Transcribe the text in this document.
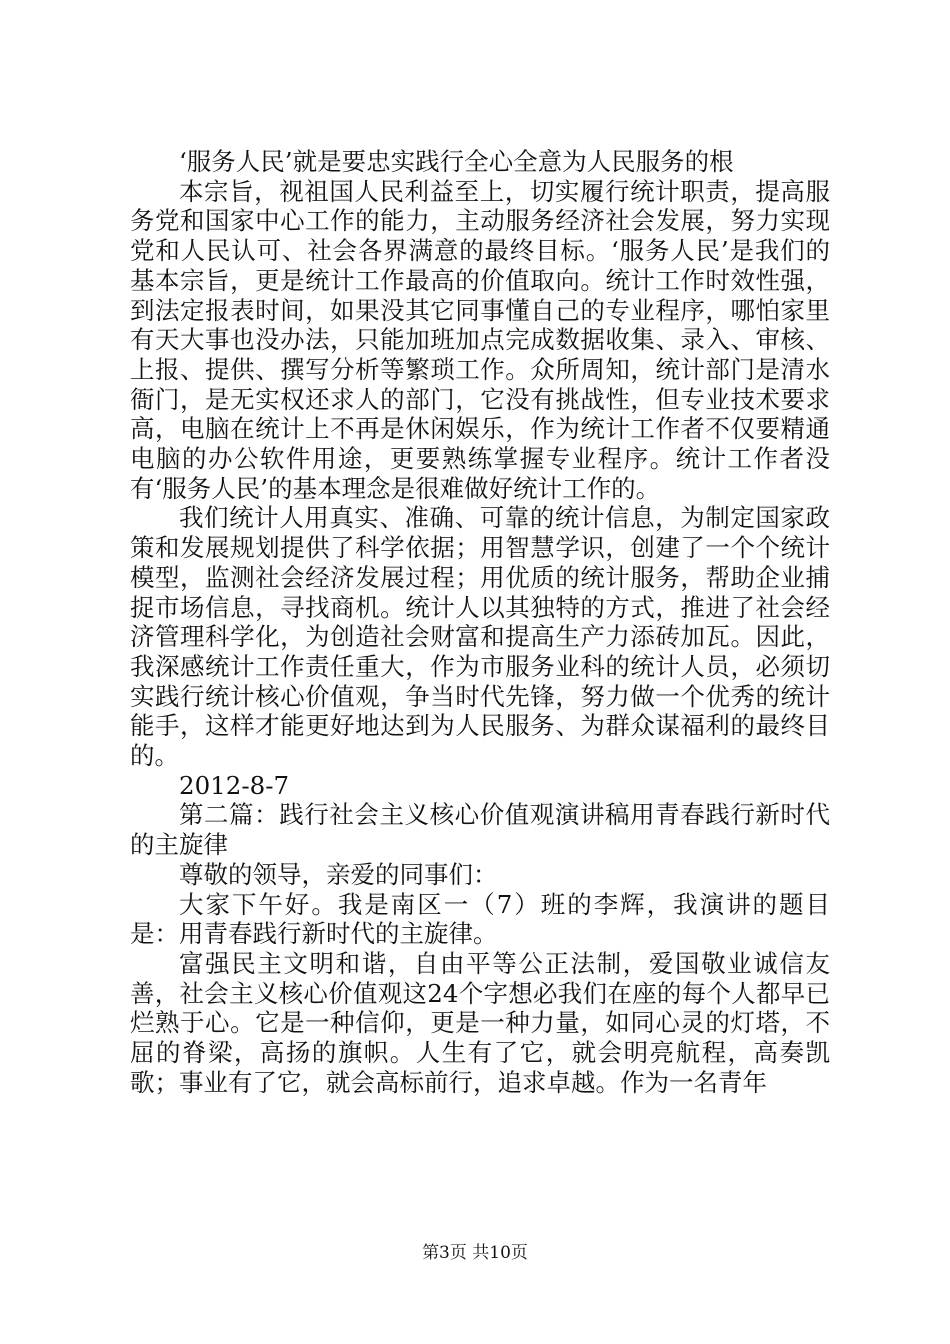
‘服务人民’就是要忠实践行全心全意为人民服务的根

本宗旨，视祖国人民利益至上，切实履行统计职责，提高服务党和国家中心工作的能力，主动服务经济社会发展，努力实现党和人民认可、社会各界满意的最终目标。‘服务人民’是我们的基本宗旨，更是统计工作最高的价值取向。统计工作时效性强，到法定报表时间，如果没其它同事懂自己的专业程序，哪怕家里有天大事也没办法，只能加班加点完成数据收集、录入、审核、上报、提供、撰写分析等繁琐工作。众所周知，统计部门是清水衙门，是无实权还求人的部门，它没有挑战性，但专业技术要求高，电脑在统计上不再是休闲娱乐，作为统计工作者不仅要精通电脑的办公软件用途，更要熟练掌握专业程序。统计工作者没有‘服务人民’的基本理念是很难做好统计工作的。

我们统计人用真实、准确、可靠的统计信息，为制定国家政策和发展规划提供了科学依据；用智慧学识，创建了一个个统计模型，监测社会经济发展过程；用优质的统计服务，帮助企业捕捉市场信息，寻找商机。统计人以其独特的方式，推进了社会经济管理科学化，为创造社会财富和提高生产力添砖加瓦。因此，我深感统计工作责任重大，作为市服务业科的统计人员，必须切实践行统计核心价值观，争当时代先锋，努力做一个优秀的统计能手，这样才能更好地达到为人民服务、为群众谋福利的最终目的。

2012-8-7

第二篇：践行社会主义核心价值观演讲稿用青春践行新时代的主旋律

尊敬的领导，亲爱的同事们：

大家下午好。我是南区一（7）班的李辉，我演讲的题目是：用青春践行新时代的主旋律。

富强民主文明和谐，自由平等公正法制，爱国敬业诚信友善，社会主义核心价值观这24个字想必我们在座的每个人都早已烂熟于心。它是一种信仰，更是一种力量，如同心灵的灯塔，不屈的脊梁，高扬的旗帜。人生有了它，就会明亮航程，高奏凯歌；事业有了它，就会高标前行，追求卓越。作为一名青年

第3页 共10页
